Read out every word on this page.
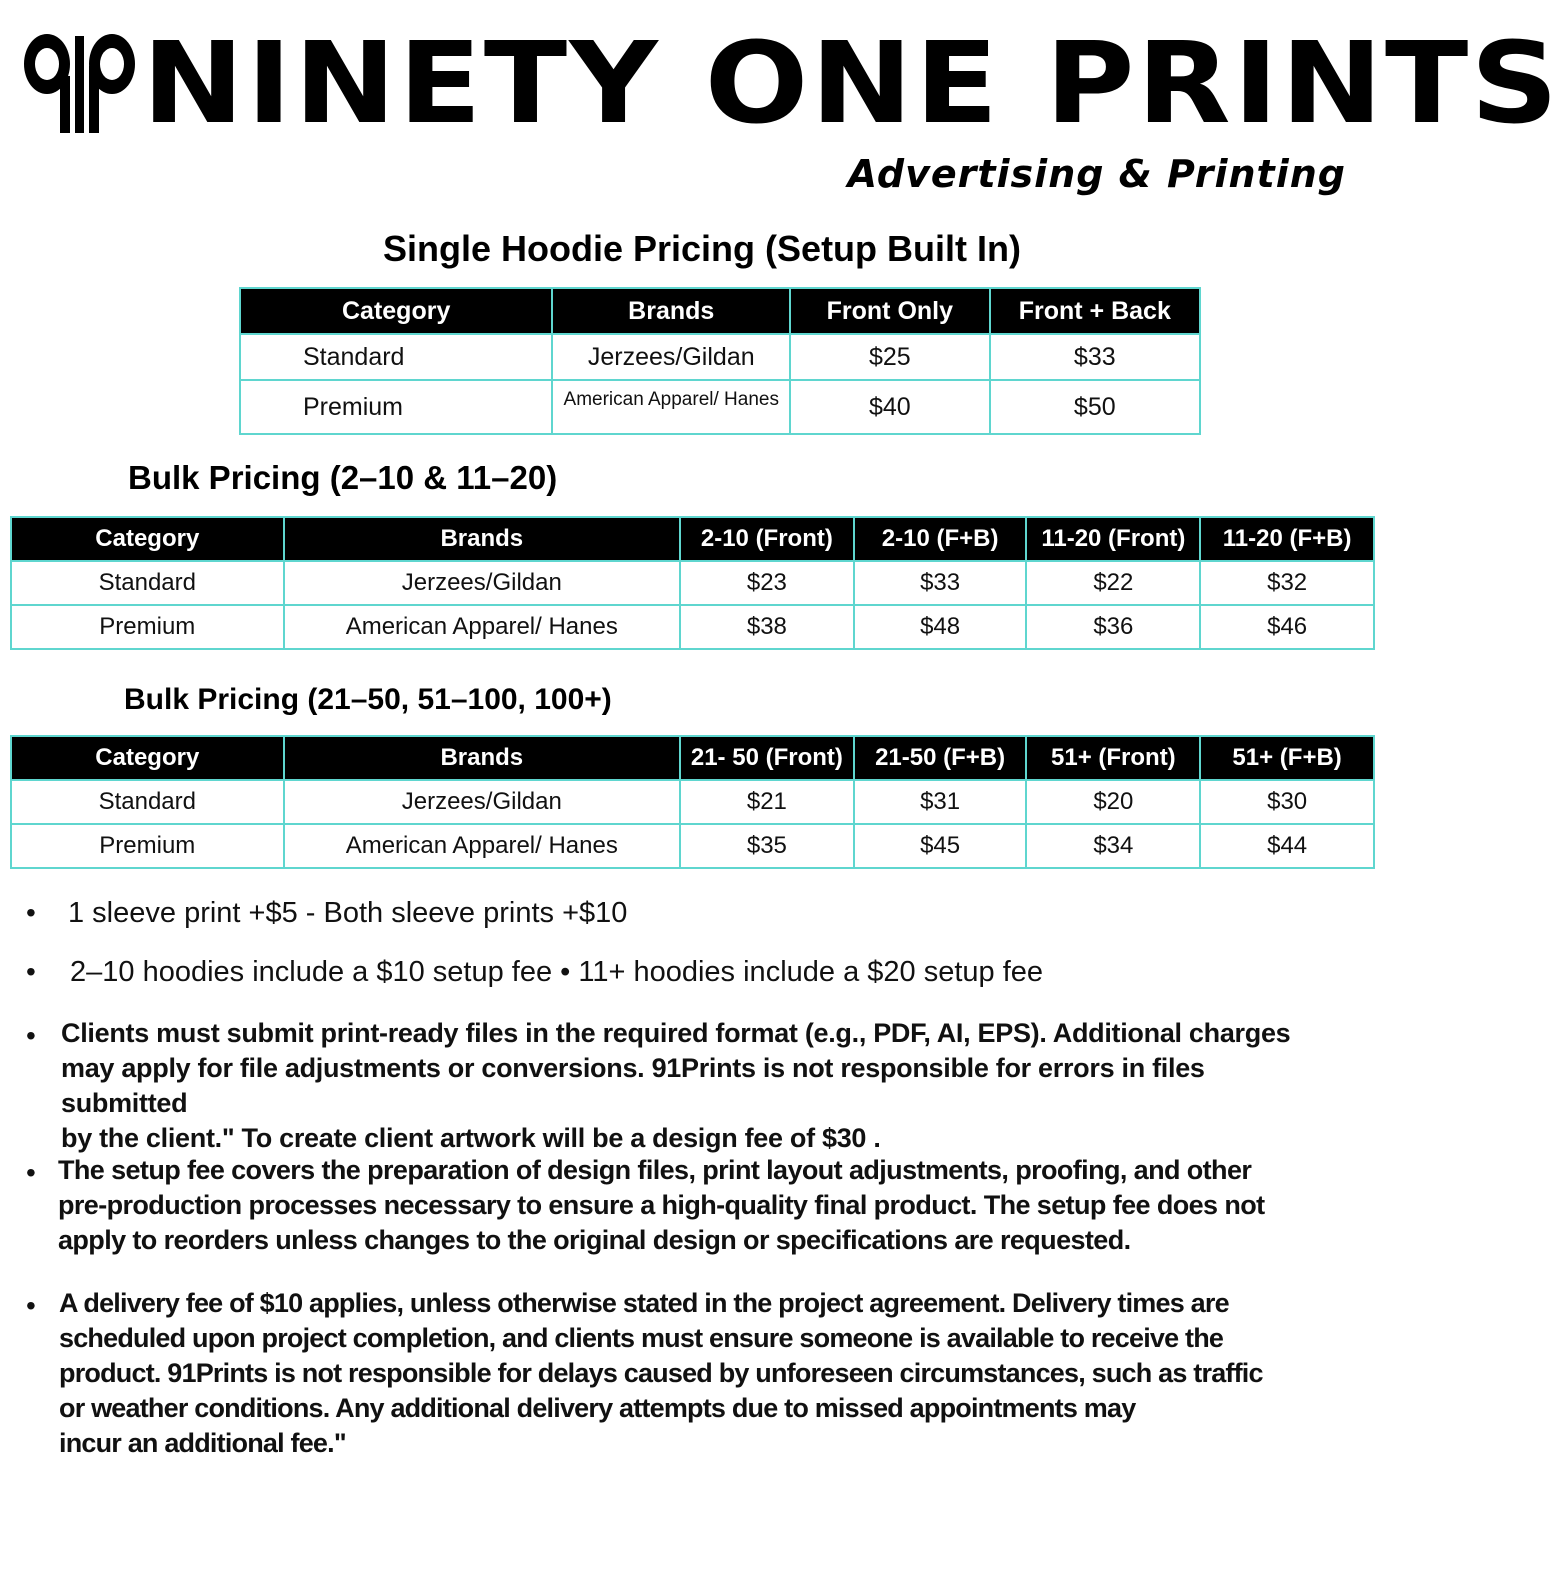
NINETY ONE PRINTS
Advertising & Printing
Single Hoodie Pricing (Setup Built In)
Category	Brands	Front Only	Front + Back
Standard	Jerzees/Gildan	$25	$33
Premium	American Apparel/ Hanes	$40	$50
Bulk Pricing (2–10 & 11–20)
Category	Brands	2-10 (Front)	2-10 (F+B)	11-20 (Front)	11-20 (F+B)
Standard	Jerzees/Gildan	$23	$33	$22	$32
Premium	American Apparel/ Hanes	$38	$48	$36	$46
Bulk Pricing (21–50, 51–100, 100+)
Category	Brands	21- 50 (Front)	21-50 (F+B)	51+ (Front)	51+ (F+B)
Standard	Jerzees/Gildan	$21	$31	$20	$30
Premium	American Apparel/ Hanes	$35	$45	$34	$44
• 1 sleeve print +$5 - Both sleeve prints +$10
• 2–10 hoodies include a $10 setup fee • 11+ hoodies include a $20 setup fee
• Clients must submit print-ready files in the required format (e.g., PDF, AI, EPS). Additional charges
may apply for file adjustments or conversions. 91Prints is not responsible for errors in files submitted
by the client." To create client artwork will be a design fee of $30 .
• The setup fee covers the preparation of design files, print layout adjustments, proofing, and other
pre-production processes necessary to ensure a high-quality final product. The setup fee does not
apply to reorders unless changes to the original design or specifications are requested.
• A delivery fee of $10 applies, unless otherwise stated in the project agreement. Delivery times are
scheduled upon project completion, and clients must ensure someone is available to receive the
product. 91Prints is not responsible for delays caused by unforeseen circumstances, such as traffic
or weather conditions. Any additional delivery attempts due to missed appointments may
incur an additional fee."
